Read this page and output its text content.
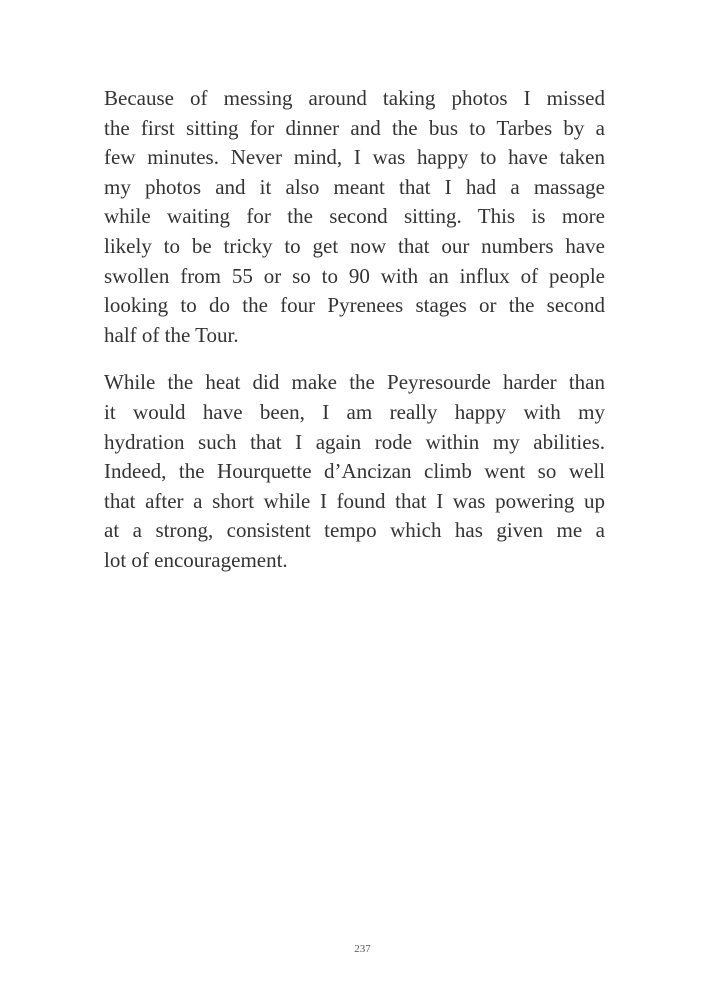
Because of messing around taking photos I missed
the first sitting for dinner and the bus to Tarbes by a
few minutes. Never mind, I was happy to have taken
my photos and it also meant that I had a massage
while waiting for the second sitting. This is more
likely to be tricky to get now that our numbers have
swollen from 55 or so to 90 with an influx of people
looking to do the four Pyrenees stages or the second
half of the Tour.

While the heat did make the Peyresourde harder than
it would have been, I am really happy with my
hydration such that I again rode within my abilities.
Indeed, the Hourquette d’Ancizan climb went so well
that after a short while I found that I was powering up
at a strong, consistent tempo which has given me a
lot of encouragement.

237
